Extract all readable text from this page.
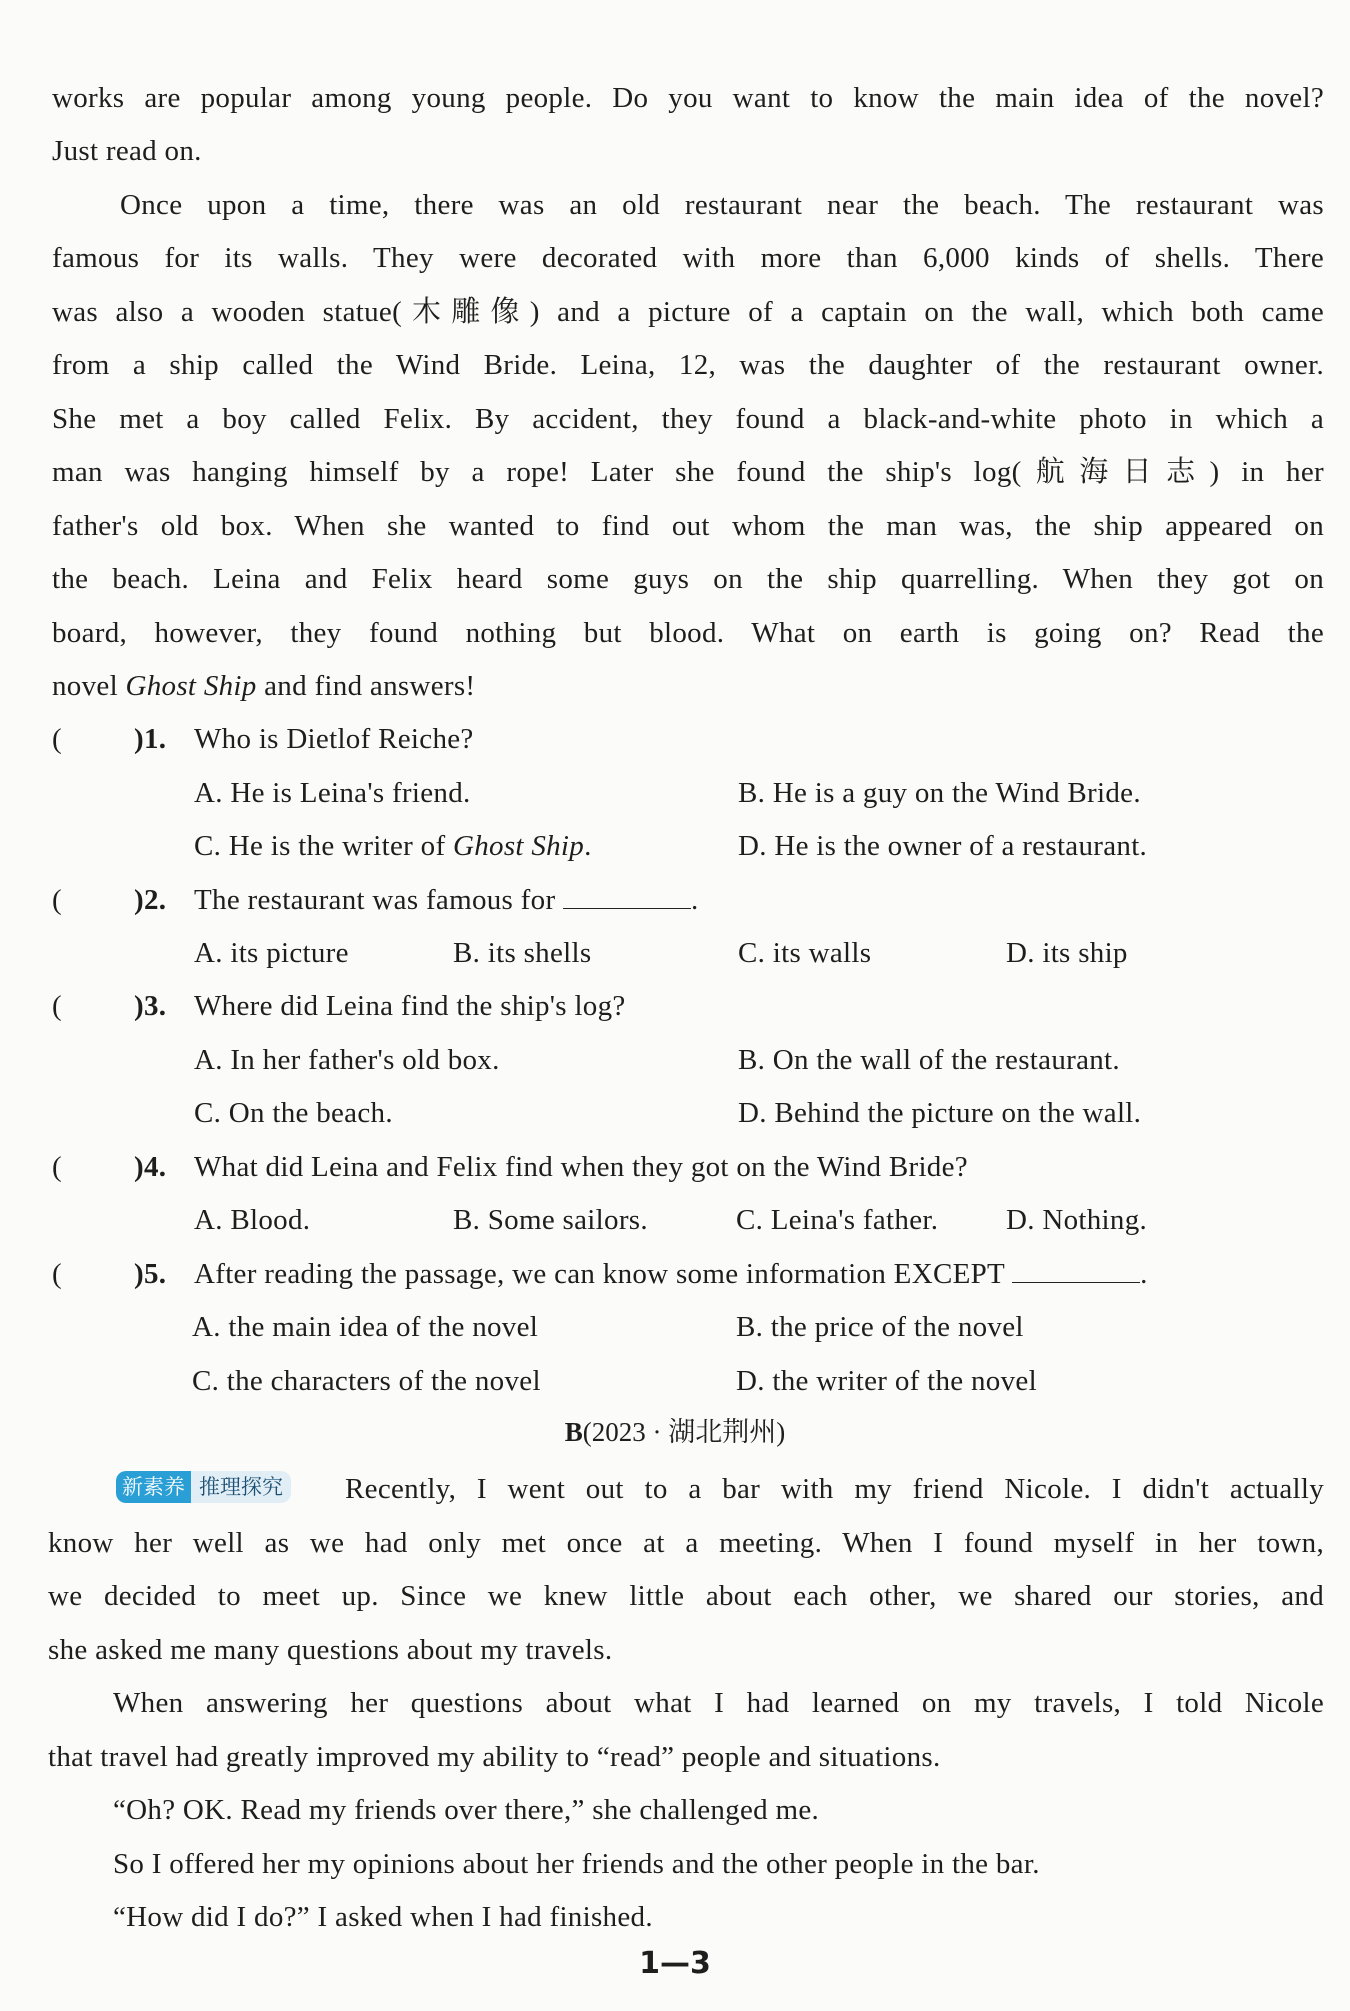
works are popular among young people. Do you want to know the main idea of the novel?
Just read on.
Once upon a time, there was an old restaurant near the beach. The restaurant was
famous for its walls. They were decorated with more than 6,000 kinds of shells. There
was also a wooden statue(木雕像) and a picture of a captain on the wall, which both came
from a ship called the Wind Bride. Leina, 12, was the daughter of the restaurant owner.
She met a boy called Felix. By accident, they found a black-and-white photo in which a
man was hanging himself by a rope! Later she found the ship's log(航海日志) in her
father's old box. When she wanted to find out whom the man was, the ship appeared on
the beach. Leina and Felix heard some guys on the ship quarrelling. When they got on
board, however, they found nothing but blood. What on earth is going on? Read the
novel Ghost Ship and find answers!
( )1. Who is Dietlof Reiche?
A. He is Leina's friend.	B. He is a guy on the Wind Bride.
C. He is the writer of Ghost Ship.	D. He is the owner of a restaurant.
( )2. The restaurant was famous for	.
A. its picture	B. its shells	C. its walls	D. its ship
( )3. Where did Leina find the ship's log?
A. In her father's old box.	B. On the wall of the restaurant.
C. On the beach.	D. Behind the picture on the wall.
( )4. What did Leina and Felix find when they got on the Wind Bride?
A. Blood.	B. Some sailors.	C. Leina's father. D. Nothing.
( )5. After reading the passage, we can know some information EXCEPT	.
A. the main idea of the novel	B. the price of the novel
C. the characters of the novel	D. the writer of the novel
B(2023 · 湖北荆州)
新素养 推理探究 Recently, I went out to a bar with my friend Nicole. I didn't actually
know her well as we had only met once at a meeting. When I found myself in her town,
we decided to meet up. Since we knew little about each other, we shared our stories, and
she asked me many questions about my travels.
When answering her questions about what I had learned on my travels, I told Nicole
that travel had greatly improved my ability to “read” people and situations.
“Oh? OK. Read my friends over there,” she challenged me.
So I offered her my opinions about her friends and the other people in the bar.
“How did I do?” I asked when I had finished.
1—3
